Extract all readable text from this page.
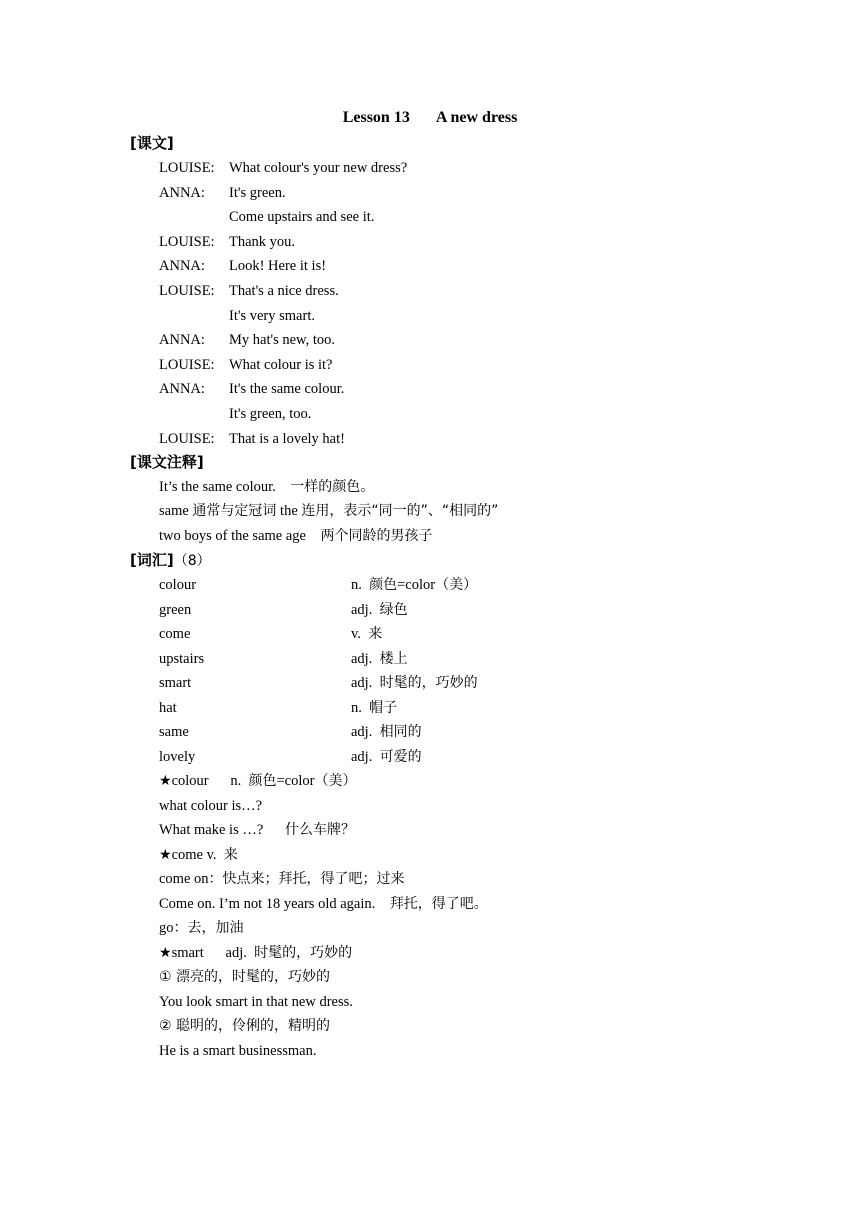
Lesson 13 A new dress
[课文]
LOUISE: What colour's your new dress?
ANNA: It's green.
Come upstairs and see it.
LOUISE: Thank you.
ANNA: Look! Here it is!
LOUISE: That's a nice dress.
It's very smart.
ANNA: My hat's new, too.
LOUISE: What colour is it?
ANNA: It's the same colour.
It's green, too.
LOUISE: That is a lovely hat!
[课文注释]
It’s the same colour. 一样的颜色。
same 通常与定冠词 the 连用，表示“同一的”、“相同的”
two boys of the same age 两个同龄的男孩子
[词汇]（8）
colour	n. 颜色=color（美）
green	adj. 绿色
come	v. 来
upstairs	adj. 楼上
smart	adj. 时髦的，巧妙的
hat	n. 帽子
same	adj. 相同的
lovely	adj. 可爱的
★colour n. 颜色=color（美）
what colour is…?
What make is …? 什么车牌？
★come v. 来
come on：快点来；拜托，得了吧；过来
Come on. I’m not 18 years old again. 拜托，得了吧。
go：去，加油
★smart adj. 时髦的，巧妙的
① 漂亮的，时髦的，巧妙的
You look smart in that new dress.
② 聪明的，伶俐的，精明的
He is a smart businessman.
